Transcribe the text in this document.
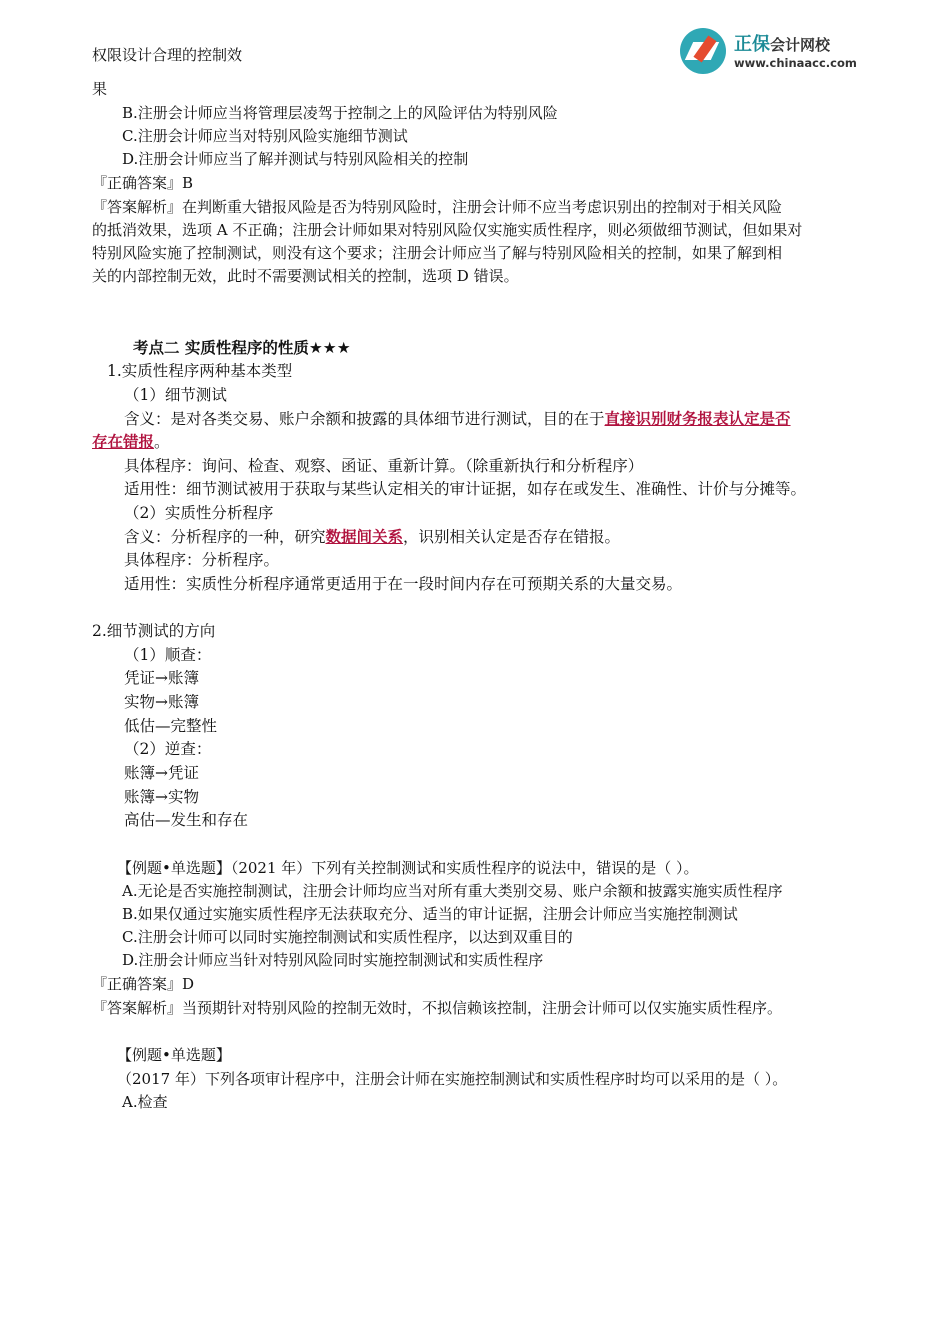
正保会计网校
www.chinaacc.com
权限设计合理的控制效
果
B.注册会计师应当将管理层凌驾于控制之上的风险评估为特别风险
C.注册会计师应当对特别风险实施细节测试
D.注册会计师应当了解并测试与特别风险相关的控制
『正确答案』B
『答案解析』在判断重大错报风险是否为特别风险时，注册会计师不应当考虑识别出的控制对于相关风险
的抵消效果，选项 A 不正确；注册会计师如果对特别风险仅实施实质性程序，则必须做细节测试，但如果对
特别风险实施了控制测试，则没有这个要求；注册会计师应当了解与特别风险相关的控制，如果了解到相
关的内部控制无效，此时不需要测试相关的控制，选项 D 错误。
考点二 实质性程序的性质★★★
1.实质性程序两种基本类型
（1）细节测试
含义：是对各类交易、账户余额和披露的具体细节进行测试，目的在于直接识别财务报表认定是否
存在错报。
具体程序：询问、检查、观察、函证、重新计算。（除重新执行和分析程序）
适用性：细节测试被用于获取与某些认定相关的审计证据，如存在或发生、准确性、计价与分摊等。
（2）实质性分析程序
含义：分析程序的一种，研究数据间关系，识别相关认定是否存在错报。
具体程序：分析程序。
适用性：实质性分析程序通常更适用于在一段时间内存在可预期关系的大量交易。
2.细节测试的方向
（1）顺查：
凭证→账簿
实物→账簿
低估—完整性
（2）逆查：
账簿→凭证
账簿→实物
高估—发生和存在
【例题•单选题】（2021 年）下列有关控制测试和实质性程序的说法中，错误的是（ ）。
A.无论是否实施控制测试，注册会计师均应当对所有重大类别交易、账户余额和披露实施实质性程序
B.如果仅通过实施实质性程序无法获取充分、适当的审计证据，注册会计师应当实施控制测试
C.注册会计师可以同时实施控制测试和实质性程序，以达到双重目的
D.注册会计师应当针对特别风险同时实施控制测试和实质性程序
『正确答案』D
『答案解析』当预期针对特别风险的控制无效时，不拟信赖该控制，注册会计师可以仅实施实质性程序。
【例题•单选题】
（2017 年）下列各项审计程序中，注册会计师在实施控制测试和实质性程序时均可以采用的是（ ）。
A.检查
